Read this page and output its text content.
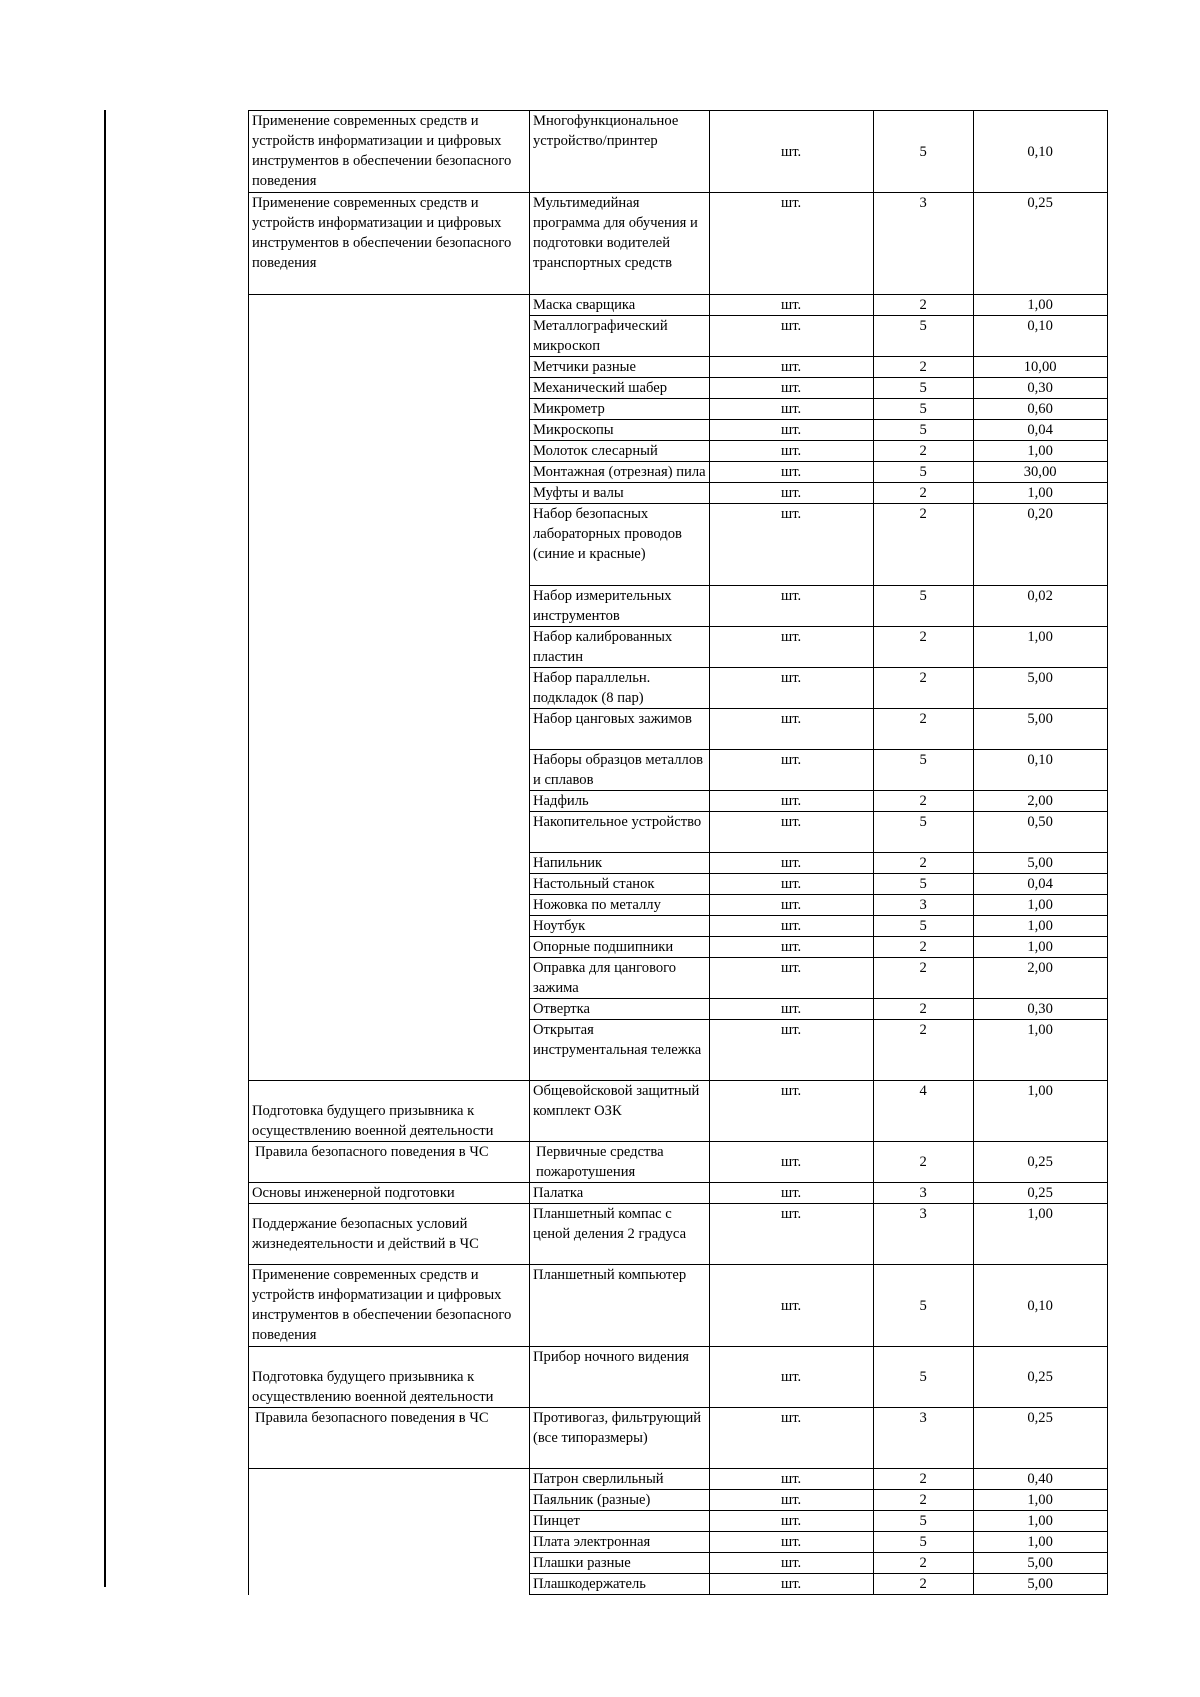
Применение современных средств и устройств информатизации и цифровых инструментов в обеспечении безопасного поведения	Многофункциональное устройство/принтер	шт.	5	0,10
Применение современных средств и устройств информатизации и цифровых инструментов в обеспечении безопасного поведения	Мультимедийная программа для обучения и подготовки водителей транспортных средств	шт.	3	0,25
	Маска сварщика	шт.	2	1,00
	Металлографический микроскоп	шт.	5	0,10
	Метчики разные	шт.	2	10,00
	Механический шабер	шт.	5	0,30
	Микрометр	шт.	5	0,60
	Микроскопы	шт.	5	0,04
	Молоток слесарный	шт.	2	1,00
	Монтажная (отрезная) пила	шт.	5	30,00
	Муфты и валы	шт.	2	1,00
	Набор безопасных лабораторных проводов (синие и красные)	шт.	2	0,20
	Набор измерительных инструментов	шт.	5	0,02
	Набор калиброванных пластин	шт.	2	1,00
	Набор параллельн. подкладок (8 пар)	шт.	2	5,00
	Набор цанговых зажимов	шт.	2	5,00
	Наборы образцов металлов и сплавов	шт.	5	0,10
	Надфиль	шт.	2	2,00
	Накопительное устройство	шт.	5	0,50
	Напильник	шт.	2	5,00
	Настольный станок	шт.	5	0,04
	Ножовка по металлу	шт.	3	1,00
	Ноутбук	шт.	5	1,00
	Опорные подшипники	шт.	2	1,00
	Оправка для цангового зажима	шт.	2	2,00
	Отвертка	шт.	2	0,30
	Открытая инструментальная тележка	шт.	2	1,00
Подготовка будущего призывника к осуществлению военной деятельности	Общевойсковой защитный комплект ОЗК	шт.	4	1,00
Правила безопасного поведения в ЧС	Первичные средства пожаротушения	шт.	2	0,25
Основы инженерной подготовки	Палатка	шт.	3	0,25
Поддержание безопасных условий жизнедеятельности и действий в ЧС	Планшетный компас с ценой деления 2 градуса	шт.	3	1,00
Применение современных средств и устройств информатизации и цифровых инструментов в обеспечении безопасного поведения	Планшетный компьютер	шт.	5	0,10
Подготовка будущего призывника к осуществлению военной деятельности	Прибор ночного видения	шт.	5	0,25
Правила безопасного поведения в ЧС	Противогаз, фильтрующий (все типоразмеры)	шт.	3	0,25
	Патрон сверлильный	шт.	2	0,40
	Паяльник (разные)	шт.	2	1,00
	Пинцет	шт.	5	1,00
	Плата электронная	шт.	5	1,00
	Плашки разные	шт.	2	5,00
	Плашкодержатель	шт.	2	5,00
